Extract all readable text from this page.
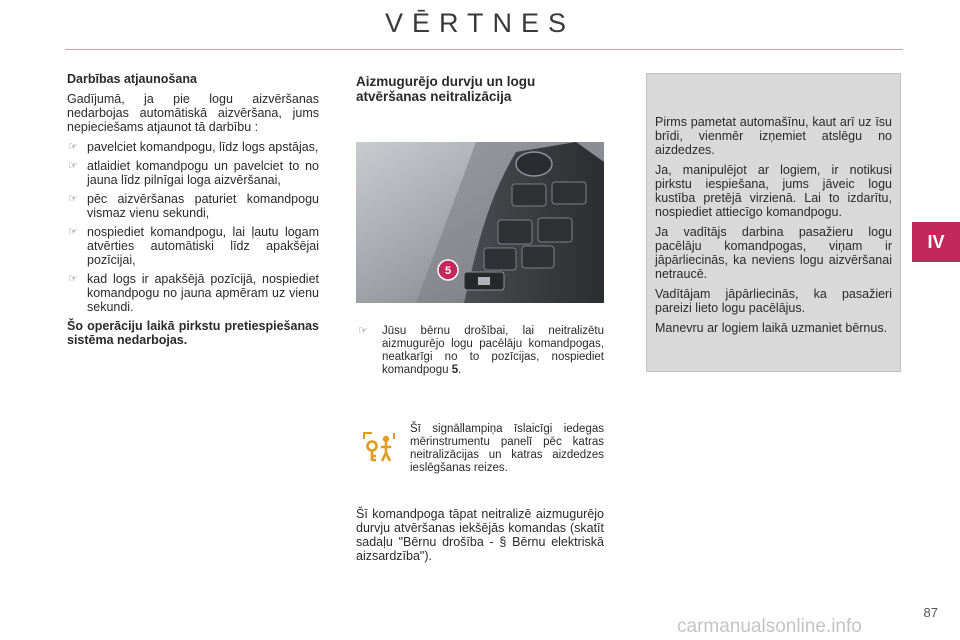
VĒRTNES
IV
Darbības atjaunošana

Gadījumā, ja pie logu aizvēršanas nedarbojas automātiskā aizvēršana, jums nepieciešams atjaunot tā darbību :

☞ pavelciet komandpogu, līdz logs apstājas,
☞ atlaidiet komandpogu un pavelciet to no jauna līdz pilnīgai loga aizvēršanai,
☞ pēc aizvēršanas paturiet komandpogu vismaz vienu sekundi,
☞ nospiediet komandpogu, lai ļautu logam atvērties automātiski līdz apakšējai pozīcijai,
☞ kad logs ir apakšējā pozīcijā, nospiediet komandpogu no jauna apmēram uz vienu sekundi.

Šo operāciju laikā pirkstu pretiespiešanas sistēma nedarbojas.

Aizmugurējo durvju un logu
atvēršanas neitralizācija
5
☞	Jūsu bērnu drošībai, lai neitralizētu aizmugurējo logu pacēlāju komandpogas, neatkarīgi no to pozīcijas, nospiediet komandpogu 5.
Šī signāllampiņa īslaicīgi iedegas mērinstrumentu panelī pēc katras neitralizācijas un katras aizdedzes ieslēgšanas reizes.
Šī komandpoga tāpat neitralizē aizmugurējo durvju atvēršanas iekšējās komandas (skatīt sadaļu "Bērnu drošība - § Bērnu elektriskā aizsardzība").

Pirms pametat automašīnu, kaut arī uz īsu brīdi, vienmēr izņemiet atslēgu no aizdedzes.

Ja, manipulējot ar logiem, ir notikusi pirkstu iespiešana, jums jāveic logu kustība pretējā virzienā. Lai to izdarītu, nospiediet attiecīgo komandpogu.

Ja vadītājs darbina pasažieru logu pacēlāju komandpogas, viņam ir jāpārliecinās, ka neviens logu aizvēršanai netraucē.

Vadītājam jāpārliecinās, ka pasažieri pareizi lieto logu pacēlājus.

Manevru ar logiem laikā uzmaniet bērnus.

87
carmanualsonline.info
